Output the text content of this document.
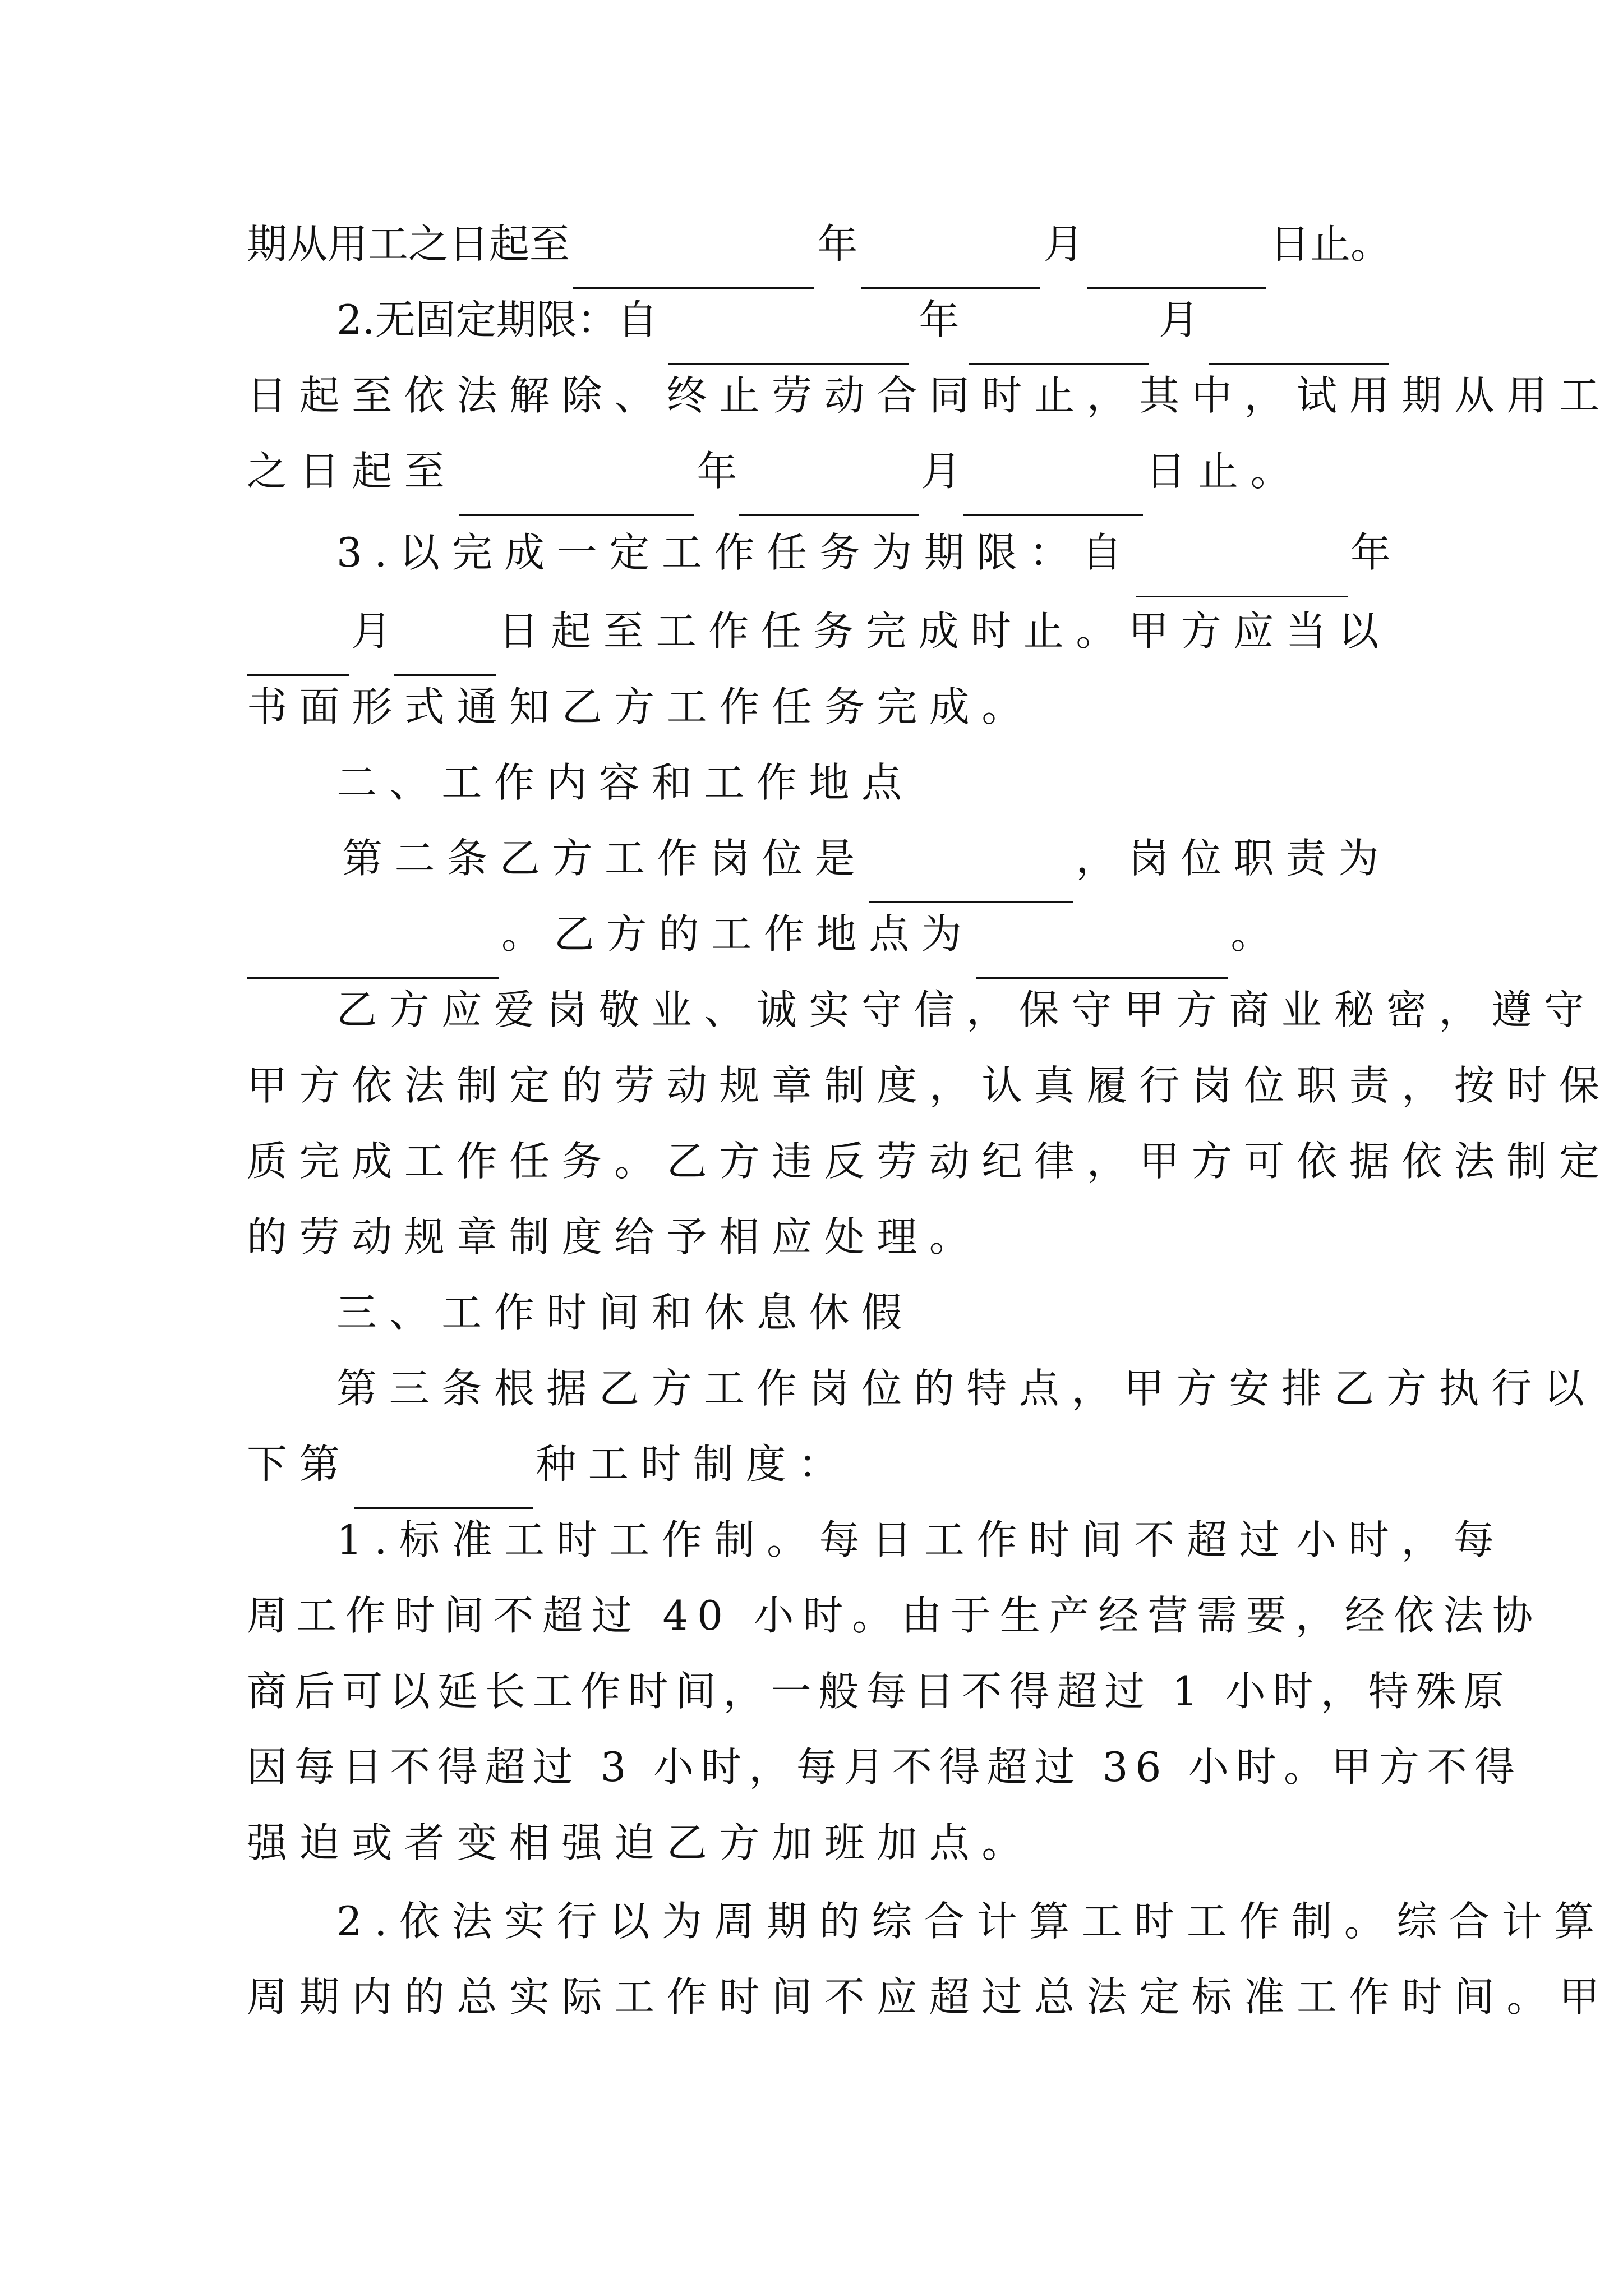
期从用工之日起至	年	月	日止。
2.无固定期限：自	年	月
日起至依法解除、终止劳动合同时止，其中，试用期从用工
之日起至	年	月	日止。
3.以完成一定工作任务为期限：自	年
月	日起至工作任务完成时止。甲方应当以
书面形式通知乙方工作任务完成。
二、工作内容和工作地点
第二条乙方工作岗位是	，岗位职责为
。乙方的工作地点为	。
乙方应爱岗敬业、诚实守信，保守甲方商业秘密，遵守
甲方依法制定的劳动规章制度，认真履行岗位职责，按时保
质完成工作任务。乙方违反劳动纪律，甲方可依据依法制定
的劳动规章制度给予相应处理。
三、工作时间和休息休假
第三条根据乙方工作岗位的特点，甲方安排乙方执行以
下第	种工时制度：
1.标准工时工作制。每日工作时间不超过 小时，每
周工作时间不超过 40 小时。由于生产经营需要，经依法协
商后可以延长工作时间，一般每日不得超过 1 小时，特殊原
因每日不得超过 3 小时，每月不得超过 36 小时。甲方不得
强迫或者变相强迫乙方加班加点。
2.依法实行以为周期的综合计算工时工作制。综合计算
周期内的总实际工作时间不应超过总法定标准工作时间。甲
